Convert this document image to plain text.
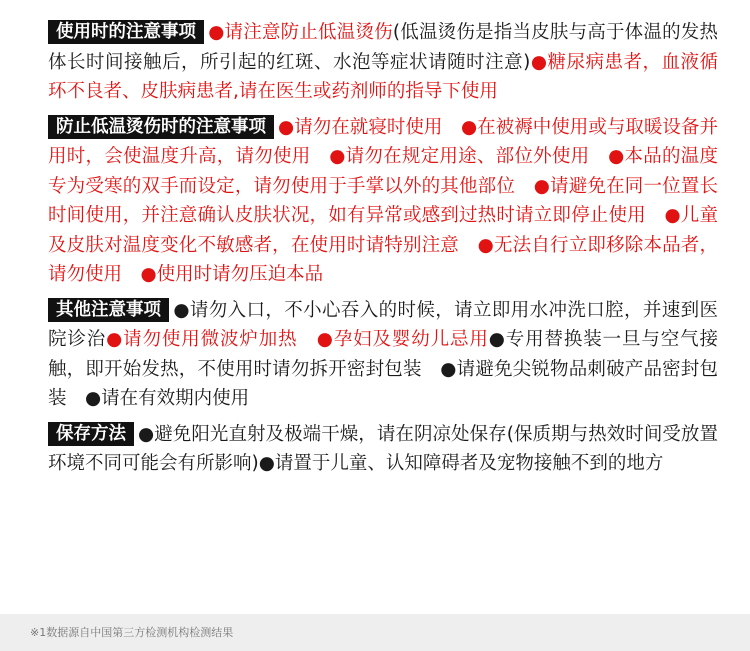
使用时的注意事项 ●请注意防止低温烫伤(低温烫伤是指当皮肤与高于体温的发热体长时间接触后，所引起的红斑、水泡等症状请随时注意)●糖尿病患者，血液循环不良者、皮肤病患者,请在医生或药剂师的指导下使用

防止低温烫伤时的注意事项 ●请勿在就寝时使用　●在被褥中使用或与取暖设备并用时，会使温度升高，请勿使用　●请勿在规定用途、部位外使用　●本品的温度专为受寒的双手而设定，请勿使用于手掌以外的其他部位　●请避免在同一位置长时间使用，并注意确认皮肤状况，如有异常或感到过热时请立即停止使用　●儿童及皮肤对温度变化不敏感者，在使用时请特别注意　●无法自行立即移除本品者，请勿使用　●使用时请勿压迫本品

其他注意事项 ●请勿入口，不小心吞入的时候，请立即用水冲洗口腔，并速到医院诊治●请勿使用微波炉加热　●孕妇及婴幼儿忌用●专用替换装一旦与空气接触，即开始发热，不使用时请勿拆开密封包装　●请避免尖锐物品刺破产品密封包装　●请在有效期内使用

保存方法 ●避免阳光直射及极端干燥，请在阴凉处保存(保质期与热效时间受放置环境不同可能会有所影响)●请置于儿童、认知障碍者及宠物接触不到的地方

※1数据源自中国第三方检测机构检测结果
